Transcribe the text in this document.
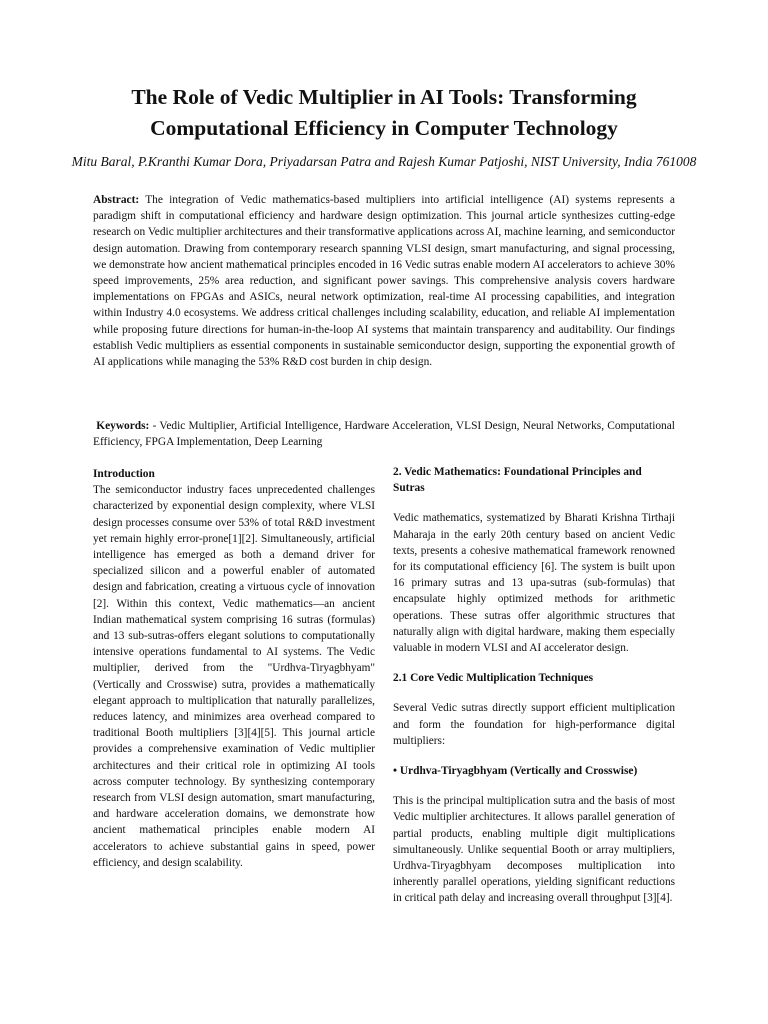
The Role of Vedic Multiplier in AI Tools: Transforming Computational Efficiency in Computer Technology

Mitu Baral, P.Kranthi Kumar Dora, Priyadarsan Patra and Rajesh Kumar Patjoshi, NIST University, India 761008

Abstract: The integration of Vedic mathematics-based multipliers into artificial intelligence (AI) systems represents a paradigm shift in computational efficiency and hardware design optimization. This journal article synthesizes cutting-edge research on Vedic multiplier architectures and their transformative applications across AI, machine learning, and semiconductor design automation. Drawing from contemporary research spanning VLSI design, smart manufacturing, and signal processing, we demonstrate how ancient mathematical principles encoded in 16 Vedic sutras enable modern AI accelerators to achieve 30% speed improvements, 25% area reduction, and significant power savings. This comprehensive analysis covers hardware implementations on FPGAs and ASICs, neural network optimization, real-time AI processing capabilities, and integration within Industry 4.0 ecosystems. We address critical challenges including scalability, education, and reliable AI implementation while proposing future directions for human-in-the-loop AI systems that maintain transparency and auditability. Our findings establish Vedic multipliers as essential components in sustainable semiconductor design, supporting the exponential growth of AI applications while managing the 53% R&D cost burden in chip design.

Keywords: - Vedic Multiplier, Artificial Intelligence, Hardware Acceleration, VLSI Design, Neural Networks, Computational Efficiency, FPGA Implementation, Deep Learning

Introduction

The semiconductor industry faces unprecedented challenges characterized by exponential design complexity, where VLSI design processes consume over 53% of total R&D investment yet remain highly error-prone[1][2]. Simultaneously, artificial intelligence has emerged as both a demand driver for specialized silicon and a powerful enabler of automated design and fabrication, creating a virtuous cycle of innovation [2]. Within this context, Vedic mathematics—an ancient Indian mathematical system comprising 16 sutras (formulas) and 13 sub-sutras-offers elegant solutions to computationally intensive operations fundamental to AI systems. The Vedic multiplier, derived from the "Urdhva-Tiryagbhyam" (Vertically and Crosswise) sutra, provides a mathematically elegant approach to multiplication that naturally parallelizes, reduces latency, and minimizes area overhead compared to traditional Booth multipliers [3][4][5]. This journal article provides a comprehensive examination of Vedic multiplier architectures and their critical role in optimizing AI tools across computer technology. By synthesizing contemporary research from VLSI design automation, smart manufacturing, and hardware acceleration domains, we demonstrate how ancient mathematical principles enable modern AI accelerators to achieve substantial gains in speed, power efficiency, and design scalability.

2. Vedic Mathematics: Foundational Principles and Sutras

Vedic mathematics, systematized by Bharati Krishna Tirthaji Maharaja in the early 20th century based on ancient Vedic texts, presents a cohesive mathematical framework renowned for its computational efficiency [6]. The system is built upon 16 primary sutras and 13 upa-sutras (sub-formulas) that encapsulate highly optimized methods for arithmetic operations. These sutras offer algorithmic structures that naturally align with digital hardware, making them especially valuable in modern VLSI and AI accelerator design.

2.1 Core Vedic Multiplication Techniques

Several Vedic sutras directly support efficient multiplication and form the foundation for high-performance digital multipliers:

• Urdhva-Tiryagbhyam (Vertically and Crosswise)

This is the principal multiplication sutra and the basis of most Vedic multiplier architectures. It allows parallel generation of partial products, enabling multiple digit multiplications simultaneously. Unlike sequential Booth or array multipliers, Urdhva-Tiryagbhyam decomposes multiplication into inherently parallel operations, yielding significant reductions in critical path delay and increasing overall throughput [3][4].
